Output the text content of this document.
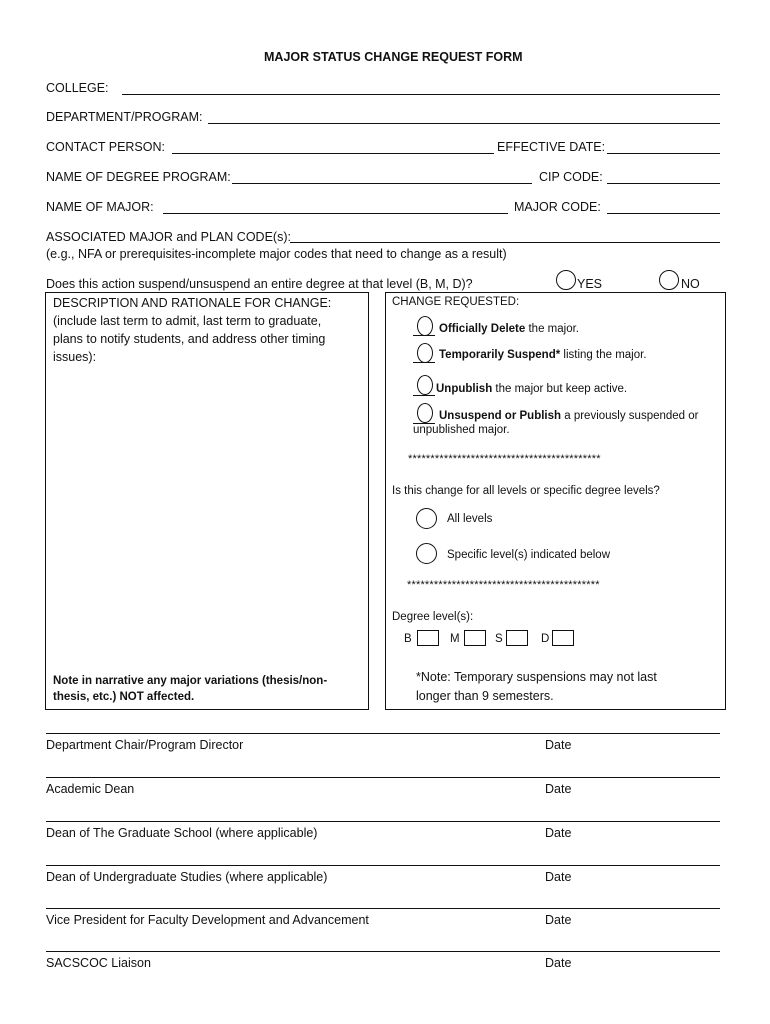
MAJOR STATUS CHANGE REQUEST FORM
COLLEGE:
DEPARTMENT/PROGRAM:
CONTACT PERSON:	EFFECTIVE DATE:
NAME OF DEGREE PROGRAM:	CIP CODE:
NAME OF MAJOR:	MAJOR CODE:
ASSOCIATED MAJOR and PLAN CODE(s):
(e.g., NFA or prerequisites-incomplete major codes that need to change as a result)
Does this action suspend/unsuspend an entire degree at that level (B, M, D)?	YES	NO
DESCRIPTION AND RATIONALE FOR CHANGE:
(include last term to admit, last term to graduate,
plans to notify students, and address other timing
issues):
Note in narrative any major variations (thesis/non-
thesis, etc.) NOT affected.
CHANGE REQUESTED:
Officially Delete the major.
Temporarily Suspend* listing the major.
Unpublish the major but keep active.
Unsuspend or Publish a previously suspended or
unpublished major.
*******************************************
Is this change for all levels or specific degree levels?
All levels
Specific level(s) indicated below
*******************************************
Degree level(s):
B	M	S	D
*Note: Temporary suspensions may not last
longer than 9 semesters.
Department Chair/Program Director	Date
Academic Dean	Date
Dean of The Graduate School (where applicable)	Date
Dean of Undergraduate Studies (where applicable)	Date
Vice President for Faculty Development and Advancement	Date
SACSCOC Liaison	Date
